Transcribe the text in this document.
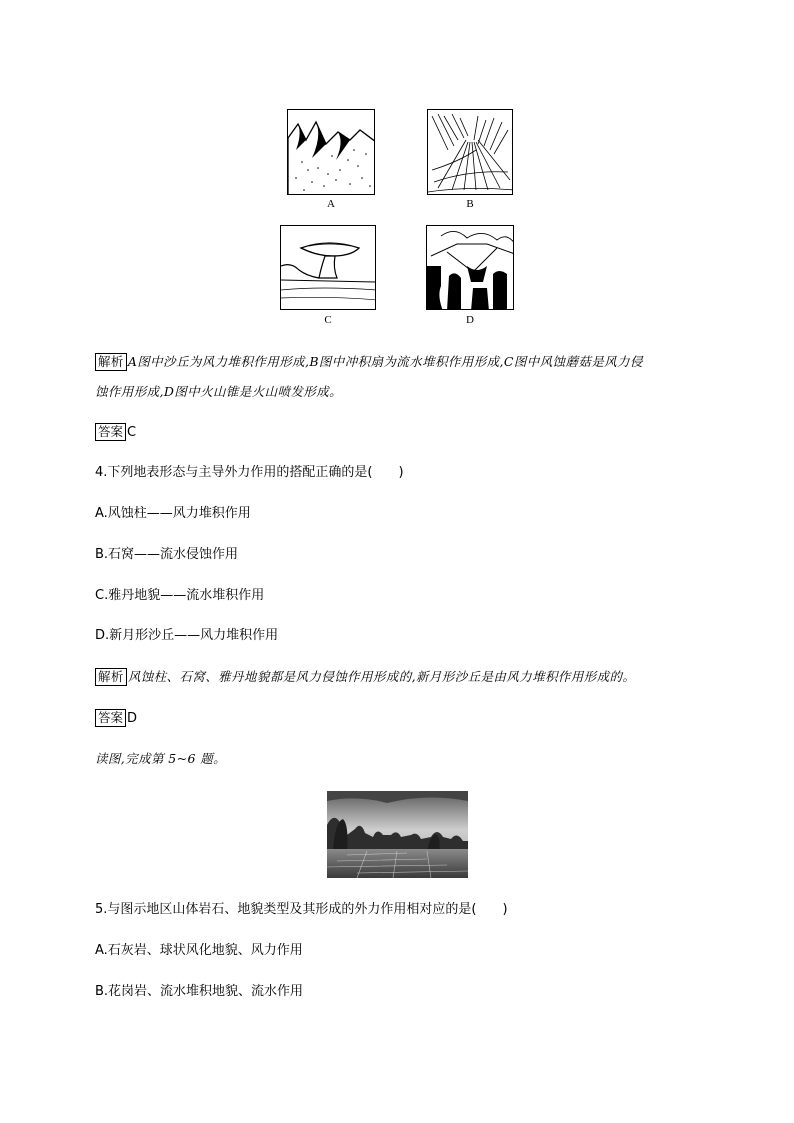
A	B
C	D
解析 A图中沙丘为风力堆积作用形成,B图中冲积扇为流水堆积作用形成,C图中风蚀蘑菇是风力侵
蚀作用形成,D图中火山锥是火山喷发形成。
答案 C
4.下列地表形态与主导外力作用的搭配正确的是(　　)
A.风蚀柱——风力堆积作用
B.石窝——流水侵蚀作用
C.雅丹地貌——流水堆积作用
D.新月形沙丘——风力堆积作用
解析 风蚀柱、石窝、雅丹地貌都是风力侵蚀作用形成的,新月形沙丘是由风力堆积作用形成的。
答案 D
读图,完成第 5~6 题。
5.与图示地区山体岩石、地貌类型及其形成的外力作用相对应的是(　　)
A.石灰岩、球状风化地貌、风力作用
B.花岗岩、流水堆积地貌、流水作用
